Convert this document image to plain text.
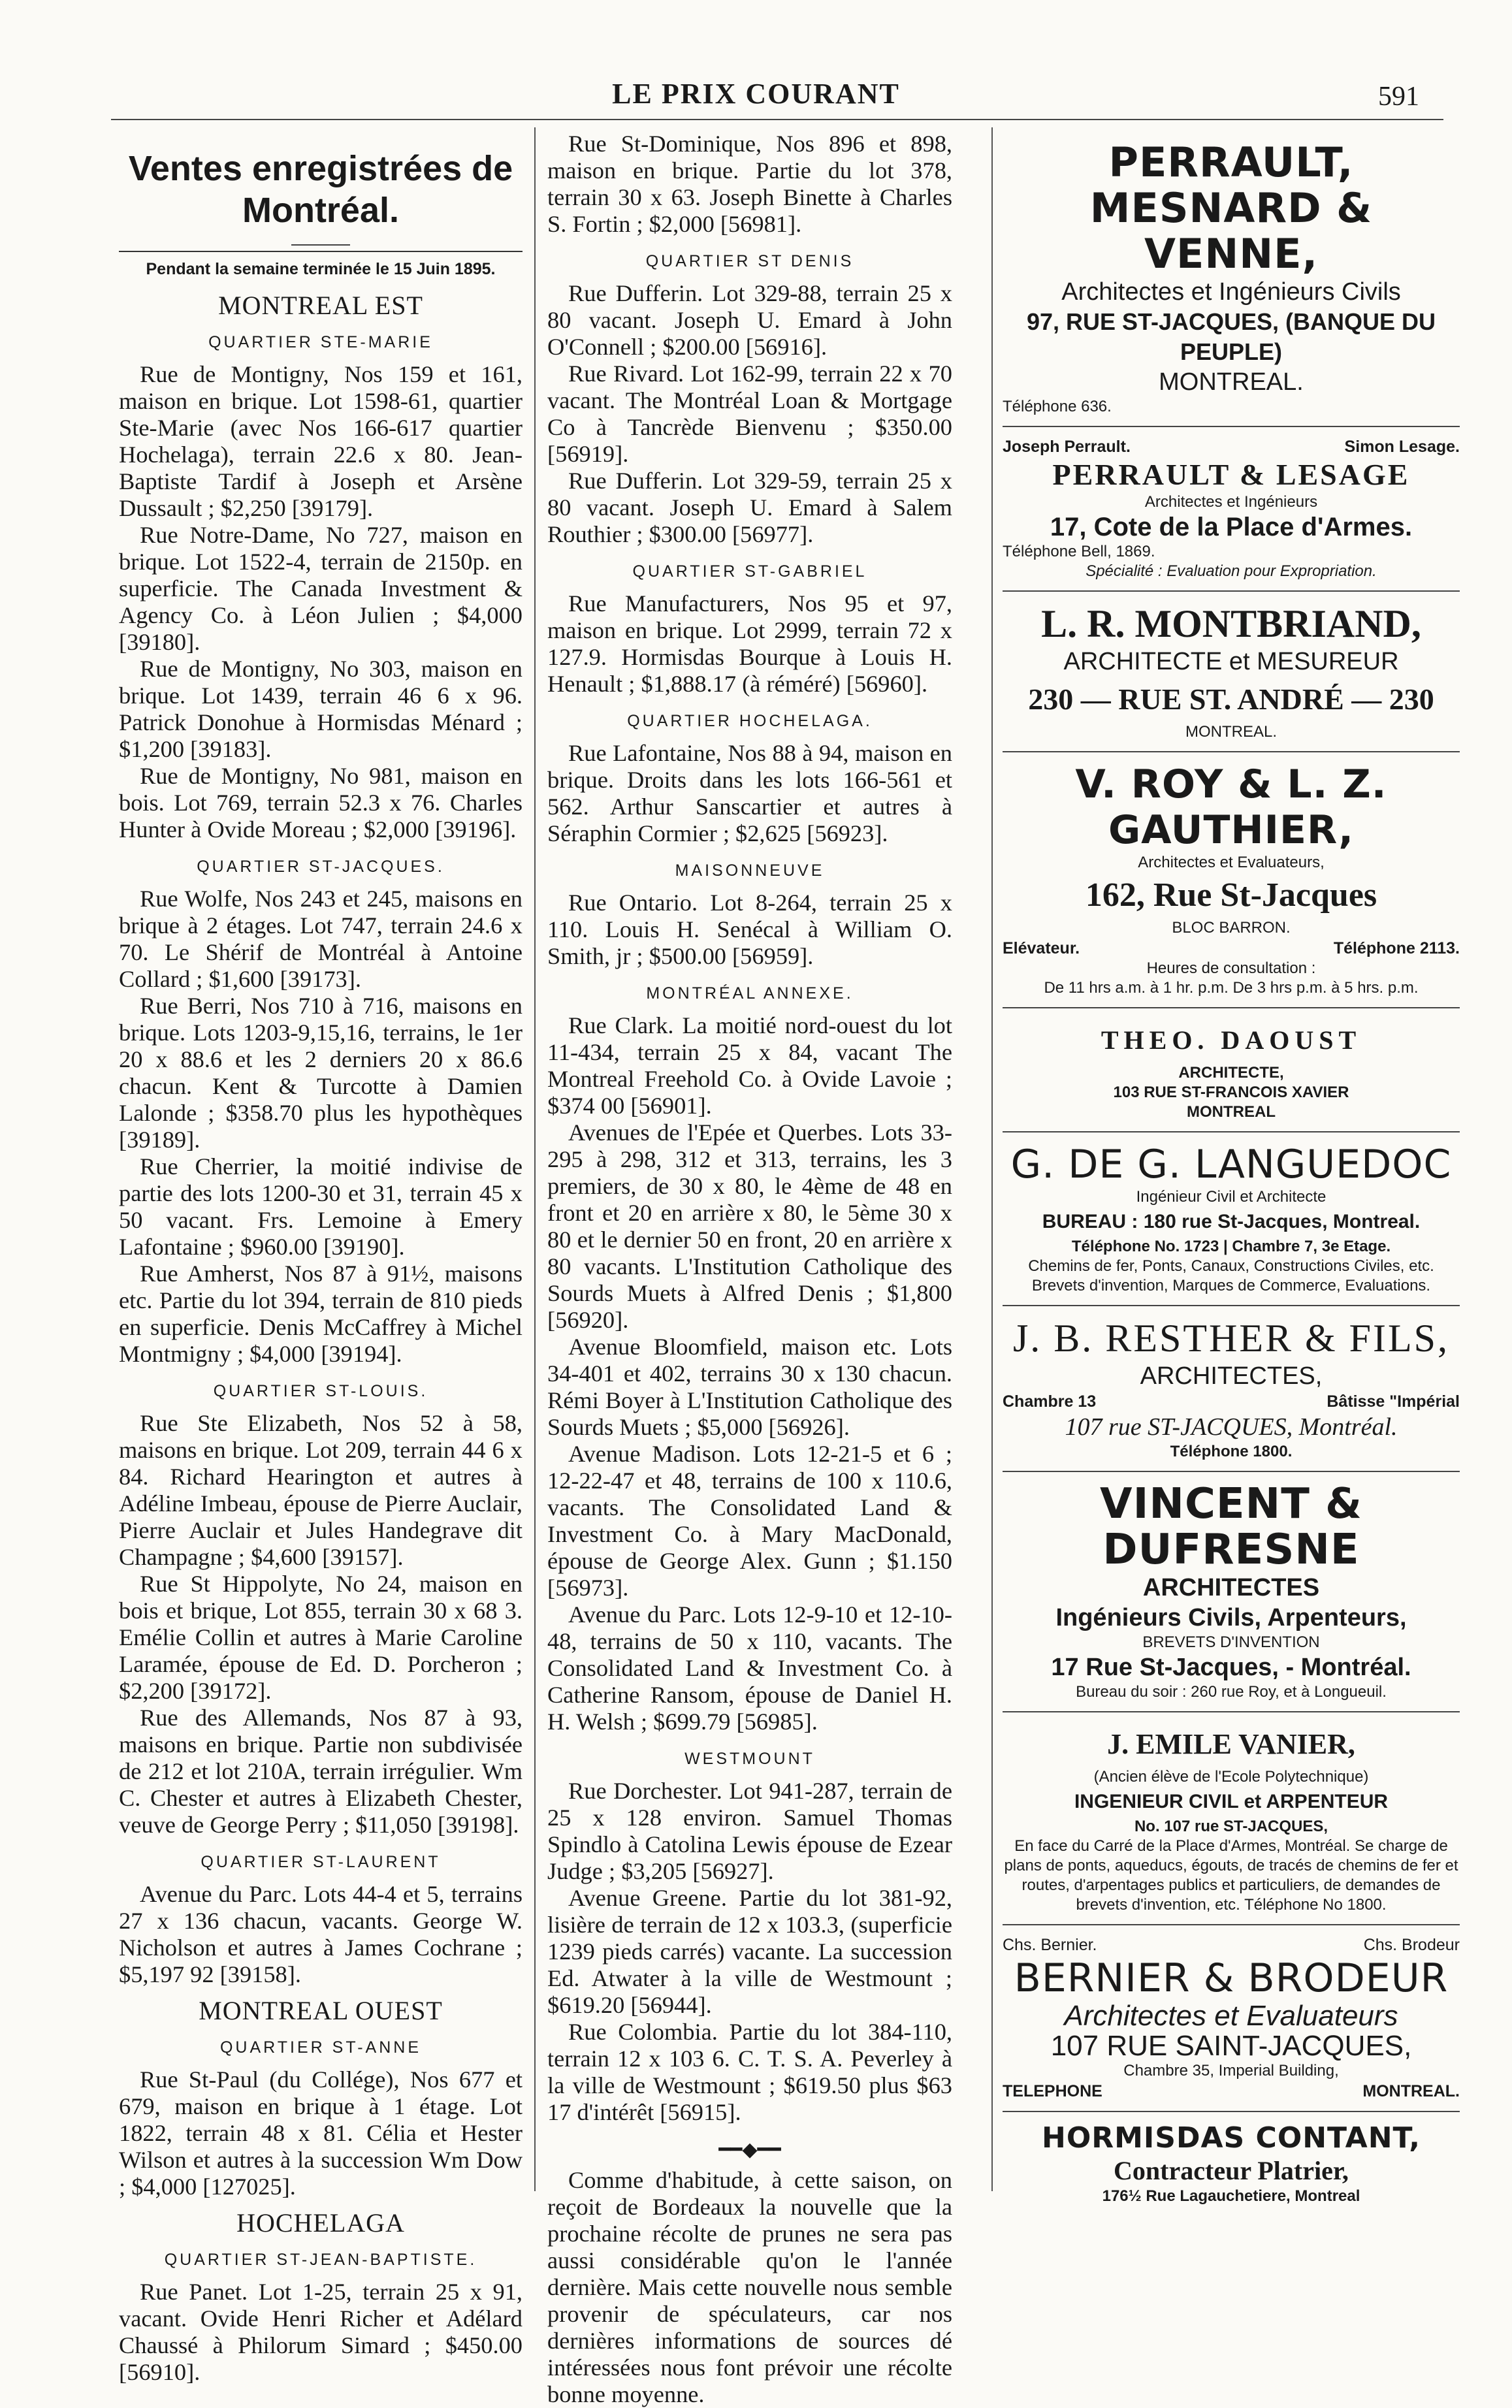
LE PRIX COURANT	591
Ventes enregistrées de Montréal.
Pendant la semaine terminée le 15 Juin 1895.
MONTREAL EST
QUARTIER STE-MARIE

Rue de Montigny, Nos 159 et 161, maison en brique. Lot 1598-61, quartier Ste-Marie (avec Nos 166-617 quartier Hochelaga), terrain 22.6 x 80. Jean-Baptiste Tardif à Joseph et Arsène Dussault ; $2,250 [39179].

Rue Notre-Dame, No 727, maison en brique. Lot 1522-4, terrain de 2150p. en superficie. The Canada Investment & Agency Co. à Léon Julien ; $4,000 [39180].

Rue de Montigny, No 303, maison en brique. Lot 1439, terrain 46 6 x 96. Patrick Donohue à Hormisdas Ménard ; $1,200 [39183].

Rue de Montigny, No 981, maison en bois. Lot 769, terrain 52.3 x 76. Charles Hunter à Ovide Moreau ; $2,000 [39196].

QUARTIER ST-JACQUES.

Rue Wolfe, Nos 243 et 245, maisons en brique à 2 étages. Lot 747, terrain 24.6 x 70. Le Shérif de Montréal à Antoine Collard ; $1,600 [39173].

Rue Berri, Nos 710 à 716, maisons en brique. Lots 1203-9,15,16, terrains, le 1er 20 x 88.6 et les 2 derniers 20 x 86.6 chacun. Kent & Turcotte à Damien Lalonde ; $358.70 plus les hypothèques [39189].

Rue Cherrier, la moitié indivise de partie des lots 1200-30 et 31, terrain 45 x 50 vacant. Frs. Lemoine à Emery Lafontaine ; $960.00 [39190].

Rue Amherst, Nos 87 à 91½, maisons etc. Partie du lot 394, terrain de 810 pieds en superficie. Denis McCaffrey à Michel Montmigny ; $4,000 [39194].

QUARTIER ST-LOUIS.

Rue Ste Elizabeth, Nos 52 à 58, maisons en brique. Lot 209, terrain 44 6 x 84. Richard Hearington et autres à Adéline Imbeau, épouse de Pierre Auclair, Pierre Auclair et Jules Handegrave dit Champagne ; $4,600 [39157].

Rue St Hippolyte, No 24, maison en bois et brique, Lot 855, terrain 30 x 68 3. Emélie Collin et autres à Marie Caroline Laramée, épouse de Ed. D. Porcheron ; $2,200 [39172].

Rue des Allemands, Nos 87 à 93, maisons en brique. Partie non subdivisée de 212 et lot 210A, terrain irrégulier. Wm C. Chester et autres à Elizabeth Chester, veuve de George Perry ; $11,050 [39198].

QUARTIER ST-LAURENT

Avenue du Parc. Lots 44-4 et 5, terrains 27 x 136 chacun, vacants. George W. Nicholson et autres à James Cochrane ; $5,197 92 [39158].

MONTREAL OUEST
QUARTIER ST-ANNE

Rue St-Paul (du Collége), Nos 677 et 679, maison en brique à 1 étage. Lot 1822, terrain 48 x 81. Célia et Hester Wilson et autres à la succession Wm Dow ; $4,000 [127025].

HOCHELAGA
QUARTIER ST-JEAN-BAPTISTE.

Rue Panet. Lot 1-25, terrain 25 x 91, vacant. Ovide Henri Richer et Adélard Chaussé à Philorum Simard ; $450.00 [56910].

Rue St-Dominique, Nos 896 et 898, maison en brique. Partie du lot 378, terrain 30 x 63. Joseph Binette à Charles S. Fortin ; $2,000 [56981].

QUARTIER ST DENIS

Rue Dufferin. Lot 329-88, terrain 25 x 80 vacant. Joseph U. Emard à John O'Connell ; $200.00 [56916].

Rue Rivard. Lot 162-99, terrain 22 x 70 vacant. The Montréal Loan & Mortgage Co à Tancrède Bienvenu ; $350.00 [56919].

Rue Dufferin. Lot 329-59, terrain 25 x 80 vacant. Joseph U. Emard à Salem Routhier ; $300.00 [56977].

QUARTIER ST-GABRIEL

Rue Manufacturers, Nos 95 et 97, maison en brique. Lot 2999, terrain 72 x 127.9. Hormisdas Bourque à Louis H. Henault ; $1,888.17 (à réméré) [56960].

QUARTIER HOCHELAGA.

Rue Lafontaine, Nos 88 à 94, maison en brique. Droits dans les lots 166-561 et 562. Arthur Sanscartier et autres à Séraphin Cormier ; $2,625 [56923].

MAISONNEUVE

Rue Ontario. Lot 8-264, terrain 25 x 110. Louis H. Senécal à William O. Smith, jr ; $500.00 [56959].

MONTRÉAL ANNEXE.

Rue Clark. La moitié nord-ouest du lot 11-434, terrain 25 x 84, vacant The Montreal Freehold Co. à Ovide Lavoie ; $374 00 [56901].

Avenues de l'Epée et Querbes. Lots 33-295 à 298, 312 et 313, terrains, les 3 premiers, de 30 x 80, le 4ème de 48 en front et 20 en arrière x 80, le 5ème 30 x 80 et le dernier 50 en front, 20 en arrière x 80 vacants. L'Institution Catholique des Sourds Muets à Alfred Denis ; $1,800 [56920].

Avenue Bloomfield, maison etc. Lots 34-401 et 402, terrains 30 x 130 chacun. Rémi Boyer à L'Institution Catholique des Sourds Muets ; $5,000 [56926].

Avenue Madison. Lots 12-21-5 et 6 ; 12-22-47 et 48, terrains de 100 x 110.6, vacants. The Consolidated Land & Investment Co. à Mary MacDonald, épouse de George Alex. Gunn ; $1.150 [56973].

Avenue du Parc. Lots 12-9-10 et 12-10-48, terrains de 50 x 110, vacants. The Consolidated Land & Investment Co. à Catherine Ransom, épouse de Daniel H. H. Welsh ; $699.79 [56985].

WESTMOUNT

Rue Dorchester. Lot 941-287, terrain de 25 x 128 environ. Samuel Thomas Spindlo à Catolina Lewis épouse de Ezear Judge ; $3,205 [56927].

Avenue Greene. Partie du lot 381-92, lisière de terrain de 12 x 103.3, (superficie 1239 pieds carrés) vacante. La succession Ed. Atwater à la ville de Westmount ; $619.20 [56944].

Rue Colombia. Partie du lot 384-110, terrain 12 x 103 6. C. T. S. A. Peverley à la ville de Westmount ; $619.50 plus $63 17 d'intérêt [56915].

━━◆━━

Comme d'habitude, à cette saison, on reçoit de Bordeaux la nouvelle que la prochaine récolte de prunes ne sera pas aussi considérable qu'on le l'année dernière. Mais cette nouvelle nous semble provenir de spéculateurs, car nos dernières informations de sources dé intéressées nous font prévoir une récolte bonne moyenne.

PERRAULT, MESNARD & VENNE,
Architectes et Ingénieurs Civils
97, RUE ST-JACQUES, (BANQUE DU PEUPLE)
MONTREAL.
Téléphone 636.
Joseph Perrault.	Simon Lesage.
PERRAULT & LESAGE
Architectes et Ingénieurs
17, Cote de la Place d'Armes.
Téléphone Bell, 1869.
Spécialité : Evaluation pour Expropriation.
L. R. MONTBRIAND,
ARCHITECTE et MESUREUR
230 — RUE ST. ANDRÉ — 230
MONTREAL.
V. ROY & L. Z. GAUTHIER,
Architectes et Evaluateurs,
162, Rue St-Jacques
BLOC BARRON.
Elévateur.	Téléphone 2113.
Heures de consultation :
De 11 hrs a.m. à 1 hr. p.m. De 3 hrs p.m. à 5 hrs. p.m.
THEO. DAOUST
ARCHITECTE,
103 RUE ST-FRANCOIS XAVIER
MONTREAL
G. DE G. LANGUEDOC
Ingénieur Civil et Architecte
BUREAU : 180 rue St-Jacques, Montreal.
Téléphone No. 1723 | Chambre 7, 3e Etage.
Chemins de fer, Ponts, Canaux, Constructions Civiles, etc. Brevets d'invention, Marques de Commerce, Evaluations.
J. B. RESTHER & FILS,
ARCHITECTES,
Chambre 13	Bâtisse "Impérial
107 rue ST-JACQUES, Montréal.
Téléphone 1800.
VINCENT & DUFRESNE
ARCHITECTES
Ingénieurs Civils, Arpenteurs,
BREVETS D'INVENTION
17 Rue St-Jacques, - Montréal.
Bureau du soir : 260 rue Roy, et à Longueuil.
J. EMILE VANIER,
(Ancien élève de l'Ecole Polytechnique)
INGENIEUR CIVIL et ARPENTEUR
No. 107 rue ST-JACQUES,
En face du Carré de la Place d'Armes, Montréal. Se charge de plans de ponts, aqueducs, égouts, de tracés de chemins de fer et routes, d'arpentages publics et particuliers, de demandes de brevets d'invention, etc. Téléphone No 1800.
Chs. Bernier.	Chs. Brodeur
BERNIER & BRODEUR
Architectes et Evaluateurs
107 RUE SAINT-JACQUES,
Chambre 35, Imperial Building,
TELEPHONE	MONTREAL.
HORMISDAS CONTANT,
Contracteur Platrier,
176½ Rue Lagauchetiere, Montreal
